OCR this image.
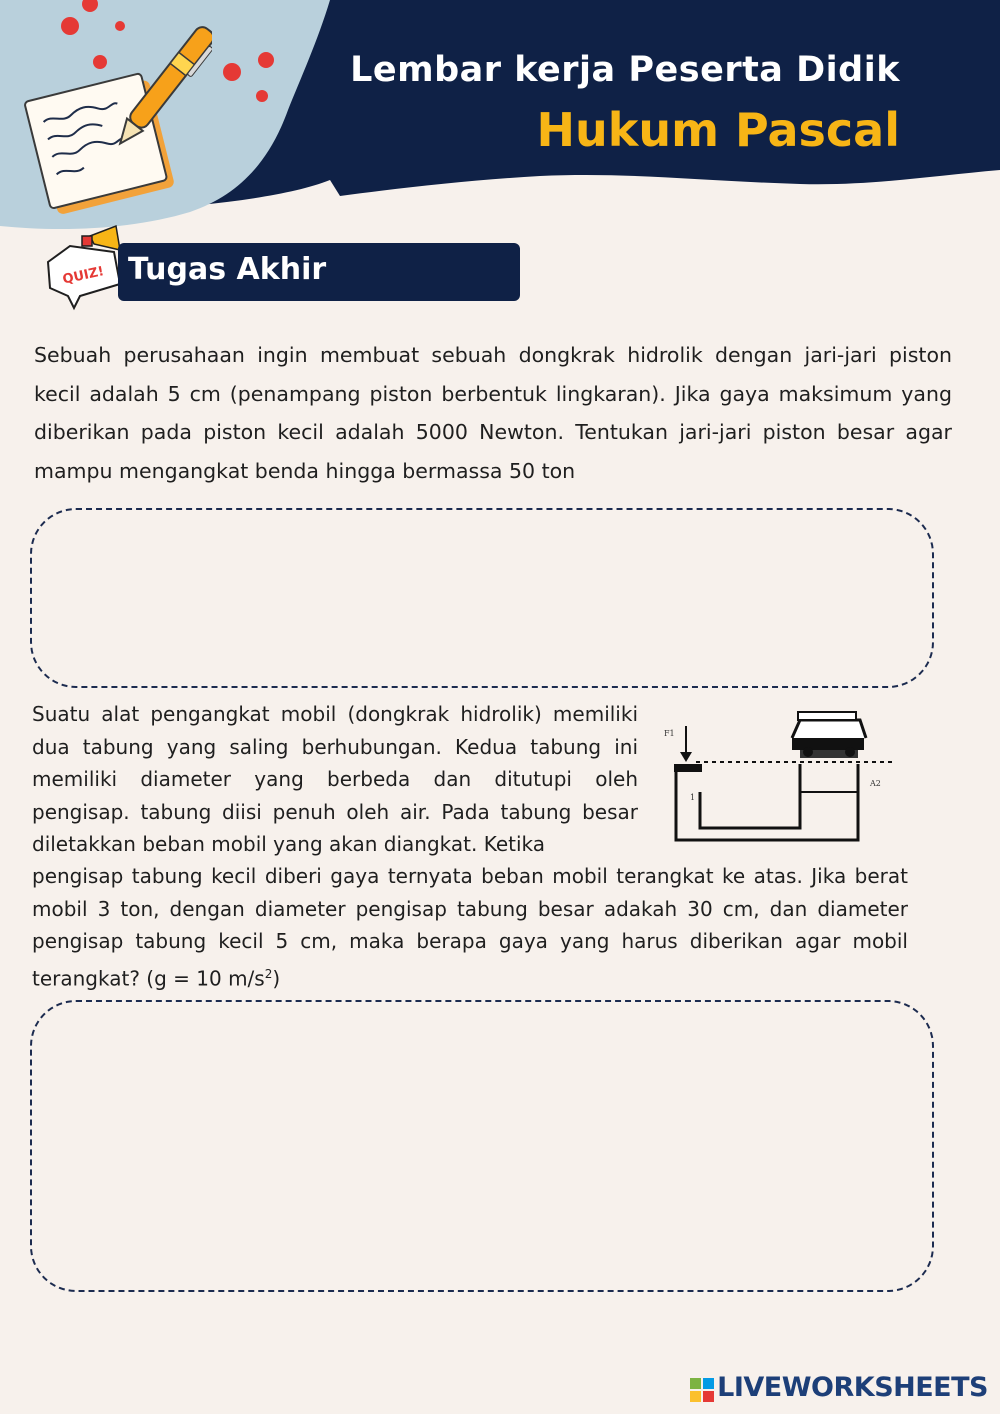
QUIZ!
Lembar kerja Peserta Didik
Hukum Pascal
Tugas Akhir

Sebuah perusahaan ingin membuat sebuah dongkrak hidrolik dengan jari-jari piston kecil adalah 5 cm (penampang piston berbentuk lingkaran). Jika gaya maksimum yang diberikan pada piston kecil adalah 5000 Newton. Tentukan jari-jari piston besar agar mampu mengangkat benda hingga bermassa 50 ton

Suatu alat pengangkat mobil (dongkrak hidrolik) memiliki dua tabung yang saling berhubungan. Kedua tabung ini memiliki diameter yang berbeda dan ditutupi oleh pengisap. tabung diisi penuh oleh air. Pada tabung besar diletakkan beban mobil yang akan diangkat. Ketika

F1
1
A2

pengisap tabung kecil diberi gaya ternyata beban mobil terangkat ke atas. Jika berat mobil 3 ton, dengan diameter pengisap tabung besar adakah 30 cm, dan diameter pengisap tabung kecil 5 cm, maka berapa gaya yang harus diberikan agar mobil terangkat? (g = 10 $m/s^2$)

LIVEWORKSHEETS
